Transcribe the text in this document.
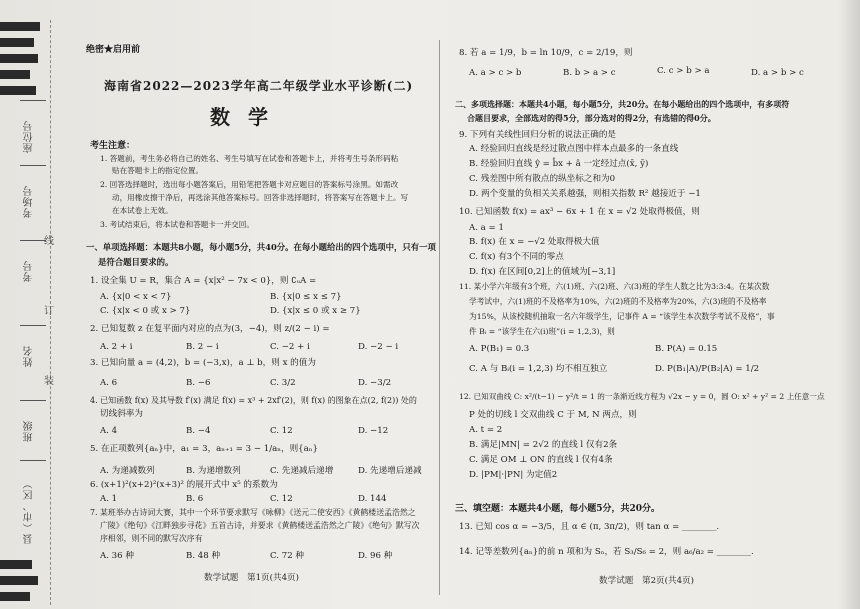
座位号
考场号
考号
姓名
班级
县（市、区）
线
订
装
绝密★启用前
海南省2022—2023学年高二年级学业水平诊断(二)
数学
考生注意：
1. 答题前，考生务必将自己的姓名、考生号填写在试卷和答题卡上，并将考生号条形码粘
贴在答题卡上的指定位置。
2. 回答选择题时，选出每小题答案后，用铅笔把答题卡对应题目的答案标号涂黑。如需改
动，用橡皮擦干净后，再选涂其他答案标号。回答非选择题时，将答案写在答题卡上。写
在本试卷上无效。
3. 考试结束后，将本试卷和答题卡一并交回。
一、单项选择题：本题共8小题，每小题5分，共40分。在每小题给出的四个选项中，只有一项
是符合题目要求的。
1. 设全集 U = R，集合 A = {x|x² − 7x < 0}，则 ∁ᵤA =
A. {x|0 < x < 7}	B. {x|0 ≤ x ≤ 7}
C. {x|x < 0 或 x > 7}	D. {x|x ≤ 0 或 x ≥ 7}
2. 已知复数 z 在复平面内对应的点为(3，−4)，则 z/(2 − i) =
A. 2 + i	B. 2 − i	C. −2 + i	D. −2 − i
3. 已知向量 a = (4,2)，b = (−3,x)，a ⊥ b，则 x 的值为
A. 6	B. −6	C. 3/2	D. −3/2
4. 已知函数 f(x) 及其导数 f′(x) 满足 f(x) = x³ + 2xf′(2)，则 f(x) 的图象在点(2, f(2)) 处的
切线斜率为
A. 4	B. −4	C. 12	D. −12
5. 在正项数列{aₙ}中，a₁ = 3，aₙ₊₁ = 3 − 1/aₙ，则{aₙ}
A. 为递减数列	B. 为递增数列	C. 先递减后递增	D. 先递增后递减
6. (x+1)²(x+2)²(x+3)² 的展开式中 x⁵ 的系数为
A. 1	B. 6	C. 12	D. 144
7. 某班举办古诗词大赛，其中一个环节要求默写《咏柳》《送元二使安西》《黄鹤楼送孟浩然之
广陵》《绝句》《江畔独步寻花》五首古诗，并要求《黄鹤楼送孟浩然之广陵》《绝句》默写次
序相邻，则不同的默写次序有
A. 36 种	B. 48 种	C. 72 种	D. 96 种
数学试题　第1页(共4页)
8. 若 a = 1/9，b = ln 10/9，c = 2/19，则
A. a > c > b	B. b > a > c	C. c > b > a	D. a > b > c
二、多项选择题：本题共4小题，每小题5分，共20分。在每小题给出的四个选项中，有多项符
合题目要求，全部选对的得5分，部分选对的得2分，有选错的得0分。
9. 下列有关线性回归分析的说法正确的是
A. 经验回归直线是经过散点图中样本点最多的一条直线
B. 经验回归直线 ŷ = b̂x + â 一定经过点(x̄, ȳ)
C. 残差图中所有散点的纵坐标之和为0
D. 两个变量的负相关关系越强，则相关指数 R² 越接近于 −1
10. 已知函数 f(x) = ax³ − 6x + 1 在 x = √2 处取得极值，则
A. a = 1
B. f(x) 在 x = −√2 处取得极大值
C. f(x) 有3个不同的零点
D. f(x) 在区间[0,2]上的值域为[−3,1]
11. 某小学六年级有3个班，六(1)班、六(2)班、六(3)班的学生人数之比为3:3:4。在某次数
学考试中，六(1)班的不及格率为10%，六(2)班的不及格率为20%，六(3)班的不及格率
为15%，从该校随机抽取一名六年级学生，记事件 A = “该学生本次数学考试不及格”，事
件 Bᵢ = “该学生在六(i)班”(i = 1,2,3)，则
A. P(B₁) = 0.3	B. P(A) = 0.15
C. A 与 Bᵢ(i = 1,2,3) 均不相互独立	D. P(B₁|A)/P(B₂|A) = 1/2
12. 已知双曲线 C: x²/(t−1) − y²/t = 1 的一条渐近线方程为 √2x − y = 0，圆 O: x² + y² = 2 上任意一点
P 处的切线 l 交双曲线 C 于 M, N 两点，则
A. t = 2
B. 满足|MN| = 2√2 的直线 l 仅有2条
C. 满足 OM ⊥ ON 的直线 l 仅有4条
D. |PM|·|PN| 为定值2
三、填空题：本题共4小题，每小题5分，共20分。
13. 已知 cos α = −3/5，且 α ∈ (π, 3π/2)，则 tan α = ________.
14. 记等差数列{aₙ}的前 n 项和为 Sₙ，若 S₃/S₆ = 2，则 a₆/a₂ = ________.
数学试题　第2页(共4页)
